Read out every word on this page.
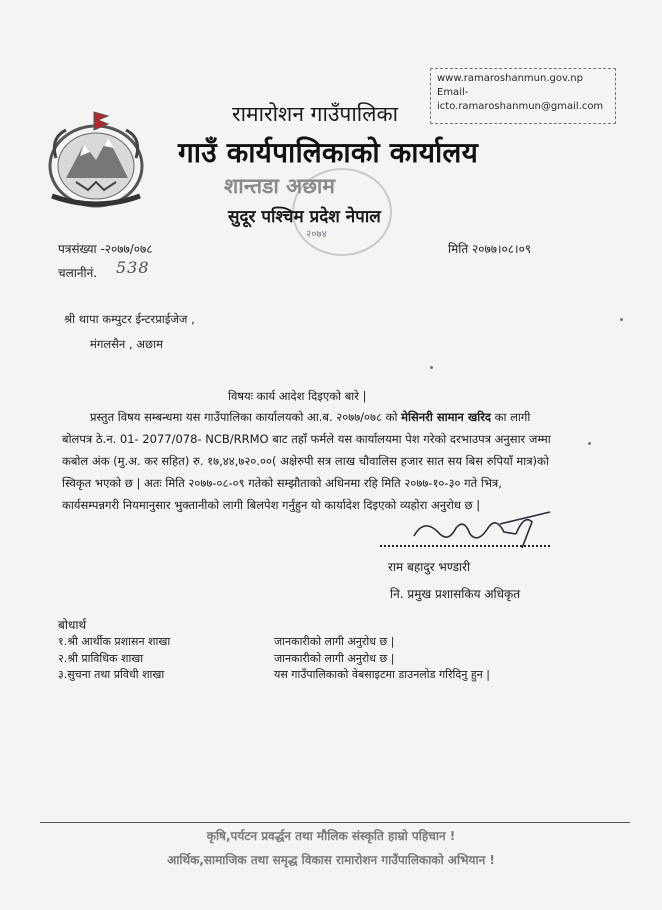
www.ramaroshanmun.gov.np
Email-
icto.ramaroshanmun@gmail.com
रामारोशन गाउँपालिका
गाउँ कार्यपालिकाको कार्यालय
शान्तडा अछाम
२०७४
सुदूर पश्चिम प्रदेश नेपाल
पत्रसंख्या -२०७७/०७८
चलानीनं. 538
मिति २०७७।०८।०९
श्री थापा कम्पुटर ईन्टरप्राईजेज ,
मंगलसैन , अछाम
विषयः कार्य आदेश दिइएको बारे |
प्रस्तुत विषय सम्बन्धमा यस गाउँपालिका कार्यालयको आ.ब. २०७७/०७८ को मेसिनरी सामान खरिद का लागी
बोलपत्र ठे.न. 01- 2077/078- NCB/RRMO बाट तहाँ फर्मले यस कार्यालयमा पेश गरेको दरभाउपत्र अनुसार जम्मा
कबोल अंक (मु.अ. कर सहित) रु. १७,४४,७२०.००( अक्षेरुपी सत्र लाख चौवालिस हजार सात सय बिस रुपियाँ मात्र)को
स्विकृत भएको छ | अतः मिति २०७७-०८-०९ गतेको सम्झौताको अधिनमा रहि मिति २०७७-१०-३० गते भित्र,
कार्यसम्पन्नगरी नियमानुसार भुक्तानीको लागी बिलपेश गर्नुहुन यो कार्यादेश दिइएको व्यहोरा अनुरोध छ |
राम बहादुर भण्डारी
नि. प्रमुख प्रशासकिय अधिकृत
बोधार्थ
१.श्री आर्थीक प्रशासन शाखा	जानकारीको लागी अनुरोध छ |
२.श्री प्राविधिक शाखा	जानकारीको लागी अनुरोध छ |
३.सुचना तथा प्रविधी शाखा	यस गाउँपालिकाको वेबसाइटमा डाउनलोड गरिदिनु हुन |
कृषि,पर्यटन प्रवर्द्धन तथा मौलिक संस्कृति हाम्रो पहिचान !
आर्थिक,सामाजिक तथा समृद्ध विकास रामारोशन गाउँपालिकाको अभियान !
